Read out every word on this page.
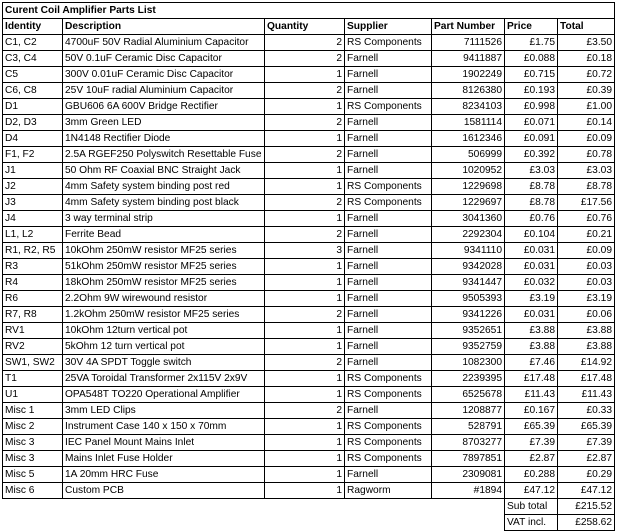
Curent Coil Amplifier Parts List						
Identity	Description	Quantity	Supplier	Part Number	Price	Total
C1, C2	4700uF 50V Radial Aluminium Capacitor	2	RS Components	7111526	£1.75	£3.50
C3, C4	50V 0.1uF Ceramic Disc Capacitor	2	Farnell	9411887	£0.088	£0.18
C5	300V 0.01uF Ceramic Disc Capacitor	1	Farnell	1902249	£0.715	£0.72
C6, C8	25V 10uF radial Aluminium Capacitor	2	Farnell	8126380	£0.193	£0.39
D1	GBU606 6A 600V Bridge Rectifier	1	RS Components	8234103	£0.998	£1.00
D2, D3	3mm Green LED	2	Farnell	1581114	£0.071	£0.14
D4	1N4148 Rectifier Diode	1	Farnell	1612346	£0.091	£0.09
F1, F2	2.5A RGEF250 Polyswitch Resettable Fuse	2	Farnell	506999	£0.392	£0.78
J1	50 Ohm RF Coaxial BNC Straight Jack	1	Farnell	1020952	£3.03	£3.03
J2	4mm Safety system binding post red	1	RS Components	1229698	£8.78	£8.78
J3	4mm Safety system binding post black	2	RS Components	1229697	£8.78	£17.56
J4	3 way terminal strip	1	Farnell	3041360	£0.76	£0.76
L1, L2	Ferrite Bead	2	Farnell	2292304	£0.104	£0.21
R1, R2, R5	10kOhm 250mW resistor MF25 series	3	Farnell	9341110	£0.031	£0.09
R3	51kOhm 250mW resistor MF25 series	1	Farnell	9342028	£0.031	£0.03
R4	18kOhm 250mW resistor MF25 series	1	Farnell	9341447	£0.032	£0.03
R6	2.2Ohm 9W wirewound resistor	1	Farnell	9505393	£3.19	£3.19
R7, R8	1.2kOhm 250mW resistor MF25 series	2	Farnell	9341226	£0.031	£0.06
RV1	10kOhm 12turn vertical pot	1	Farnell	9352651	£3.88	£3.88
RV2	5kOhm 12 turn vertical pot	1	Farnell	9352759	£3.88	£3.88
SW1, SW2	30V 4A SPDT Toggle switch	2	Farnell	1082300	£7.46	£14.92
T1	25VA Toroidal Transformer 2x115V 2x9V	1	RS Components	2239395	£17.48	£17.48
U1	OPA548T TO220 Operational Amplifier	1	RS Components	6525678	£11.43	£11.43
Misc 1	3mm LED Clips	2	Farnell	1208877	£0.167	£0.33
Misc 2	Instrument Case 140 x 150 x 70mm	1	RS Components	528791	£65.39	£65.39
Misc 3	IEC Panel Mount Mains Inlet	1	RS Components	8703277	£7.39	£7.39
Misc 3	Mains Inlet Fuse Holder	1	RS Components	7897851	£2.87	£2.87
Misc 5	1A 20mm HRC Fuse	1	Farnell	2309081	£0.288	£0.29
Misc 6	Custom PCB	1	Ragworm	#1894	£47.12	£47.12
					Sub total	£215.52
					VAT incl.	£258.62
